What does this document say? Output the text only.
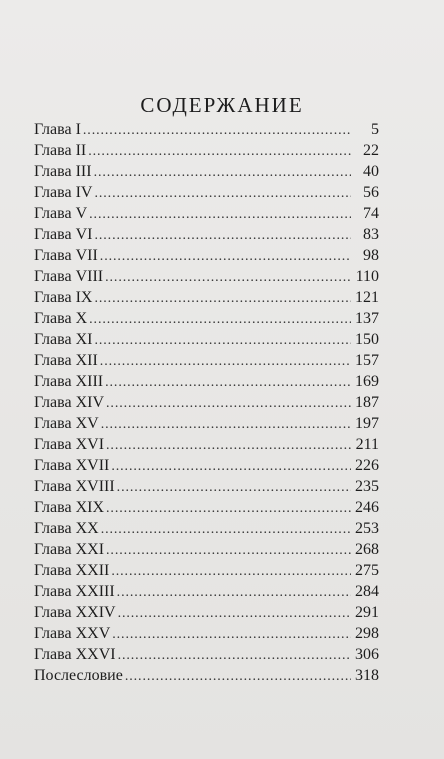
СОДЕРЖАНИЕ
Глава I . . .	5
Глава II . . .	22
Глава III . . .	40
Глава IV . . .	56
Глава V . . .	74
Глава VI . . .	83
Глава VII . . .	98
Глава VIII . . .	110
Глава IX . . .	121
Глава X . . .	137
Глава XI . . .	150
Глава XII . . .	157
Глава XIII . . .	169
Глава XIV . . .	187
Глава XV . . .	197
Глава XVI . . .	211
Глава XVII . . .	226
Глава XVIII . . .	235
Глава XIX . . .	246
Глава XX . . .	253
Глава XXI . . .	268
Глава XXII . . .	275
Глава XXIII . . .	284
Глава XXIV . . .	291
Глава XXV . . .	298
Глава XXVI . . .	306
Послесловие . . .	318
